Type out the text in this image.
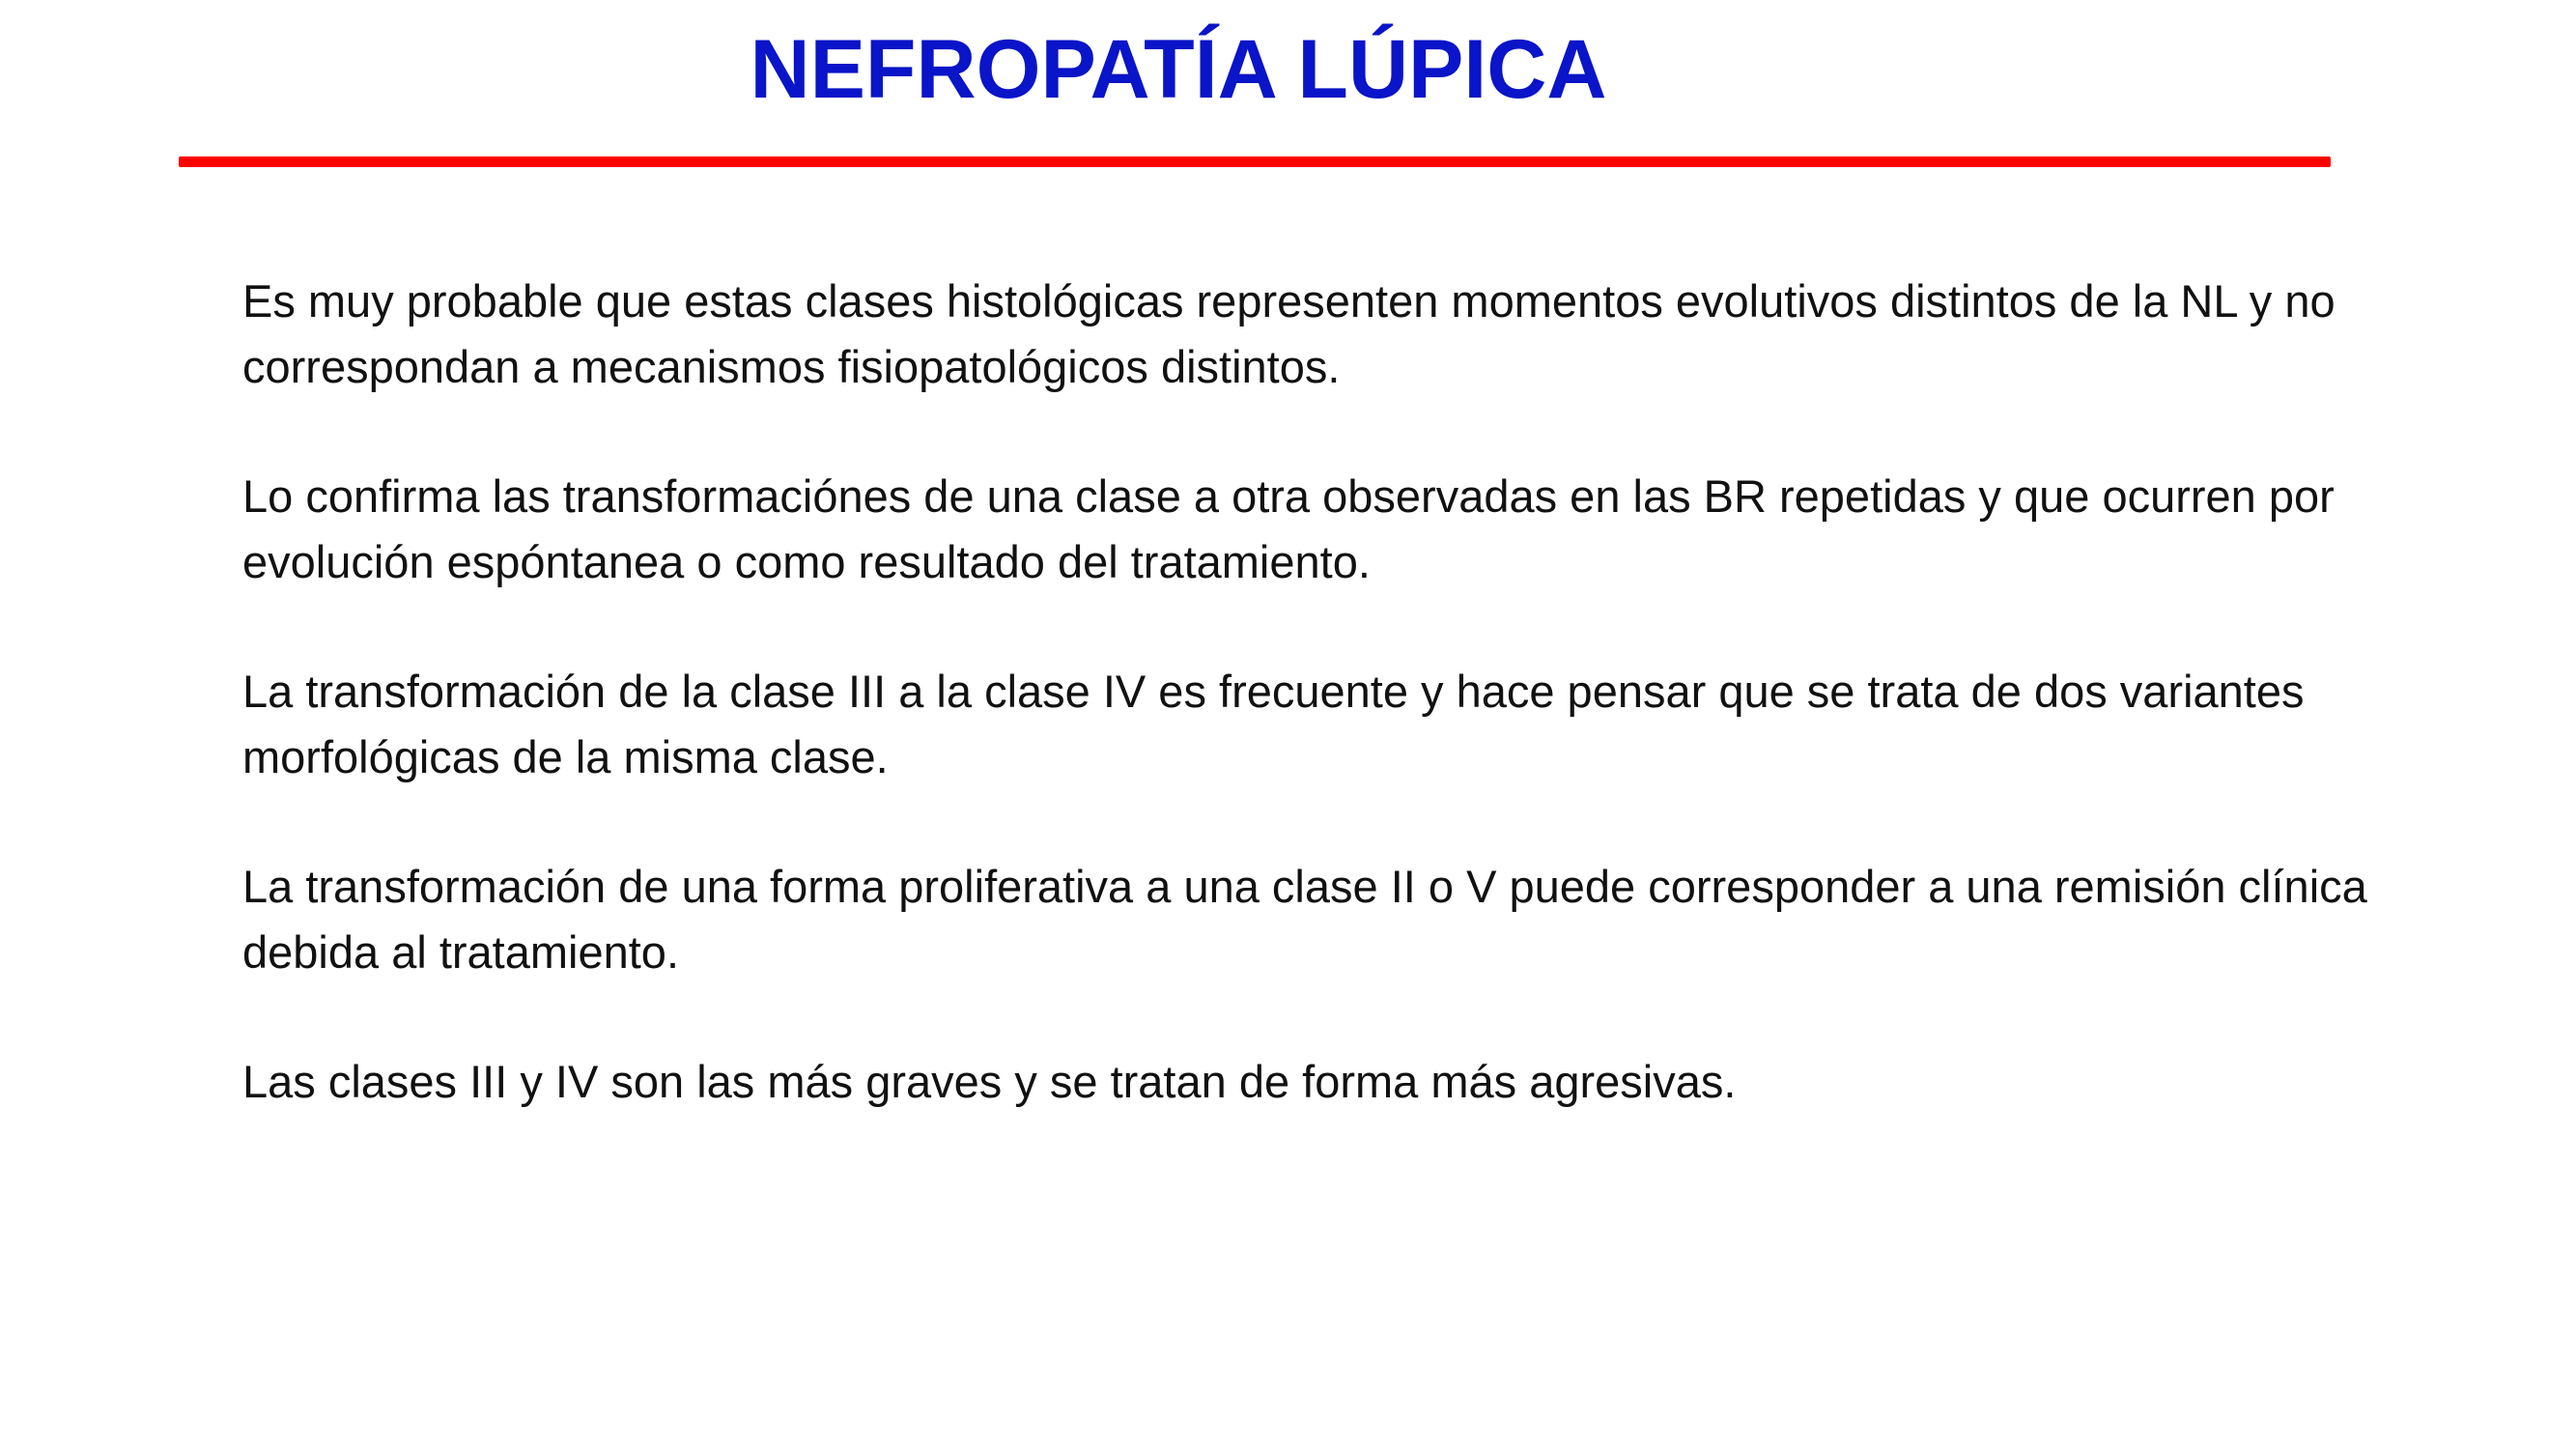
NEFROPATÍA LÚPICA

Es muy probable que estas clases histológicas representen momentos evolutivos distintos de la NL y no correspondan a mecanismos fisiopatológicos distintos.

Lo confirma las transformaciónes de una clase a otra observadas en las BR repetidas y que ocurren por evolución espóntanea o como resultado del tratamiento.

La transformación de la clase III a la clase IV es frecuente y hace pensar que se trata de dos variantes morfológicas de la misma clase.

La transformación de una forma proliferativa a una clase II o V puede corresponder a una remisión clínica debida al tratamiento.

Las clases III y IV son las más graves y se tratan de forma más agresivas.
